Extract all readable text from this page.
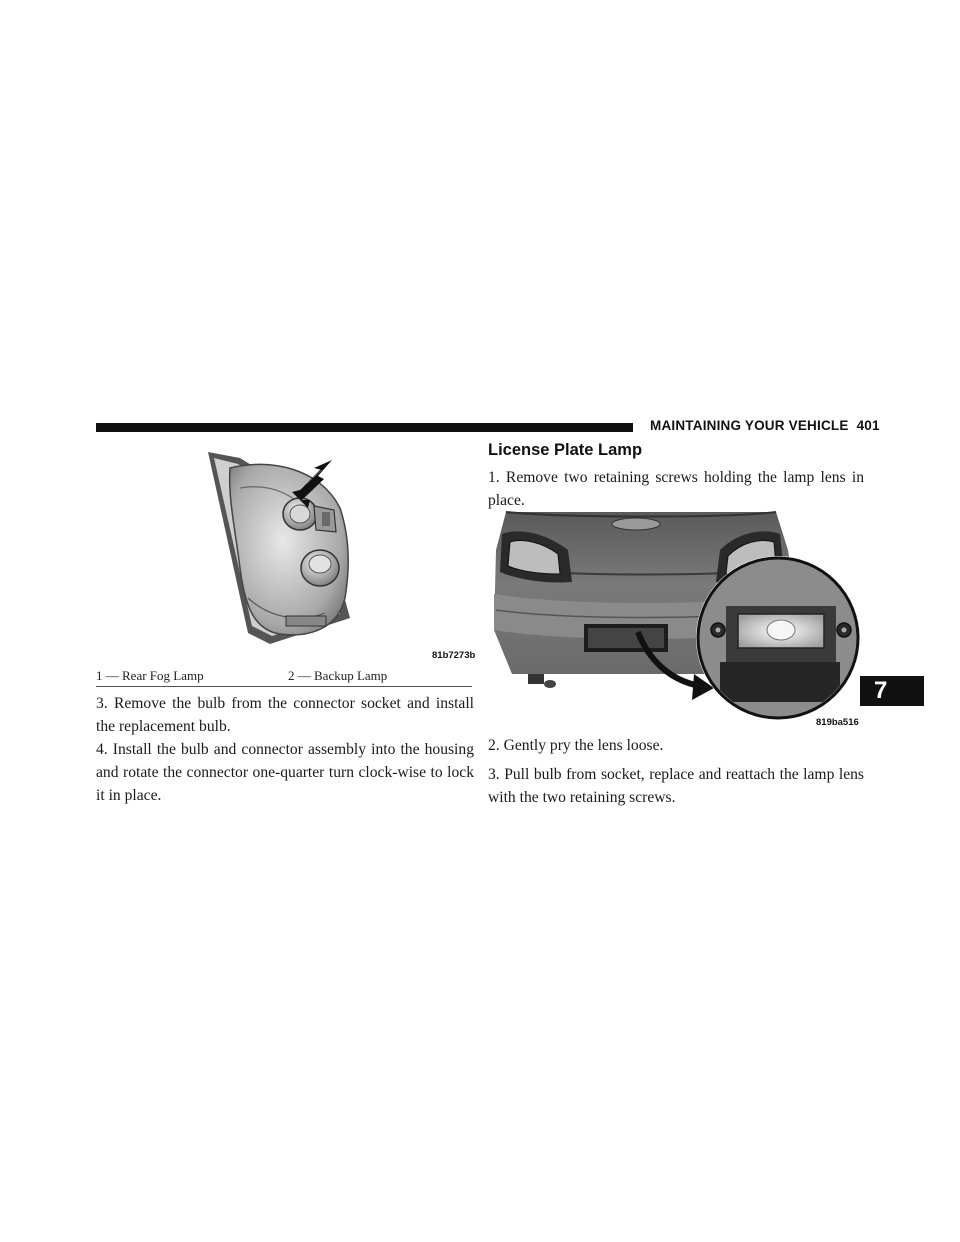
MAINTAINING YOUR VEHICLE 401
7
81b7273b
1 — Rear Fog Lamp	2 — Backup Lamp

3. Remove the bulb from the connector socket and install the replacement bulb.

4. Install the bulb and connector assembly into the housing and rotate the connector one-quarter turn clock-wise to lock it in place.

License Plate Lamp

1. Remove two retaining screws holding the lamp lens in place.

819ba516

2. Gently pry the lens loose.

3. Pull bulb from socket, replace and reattach the lamp lens with the two retaining screws.
